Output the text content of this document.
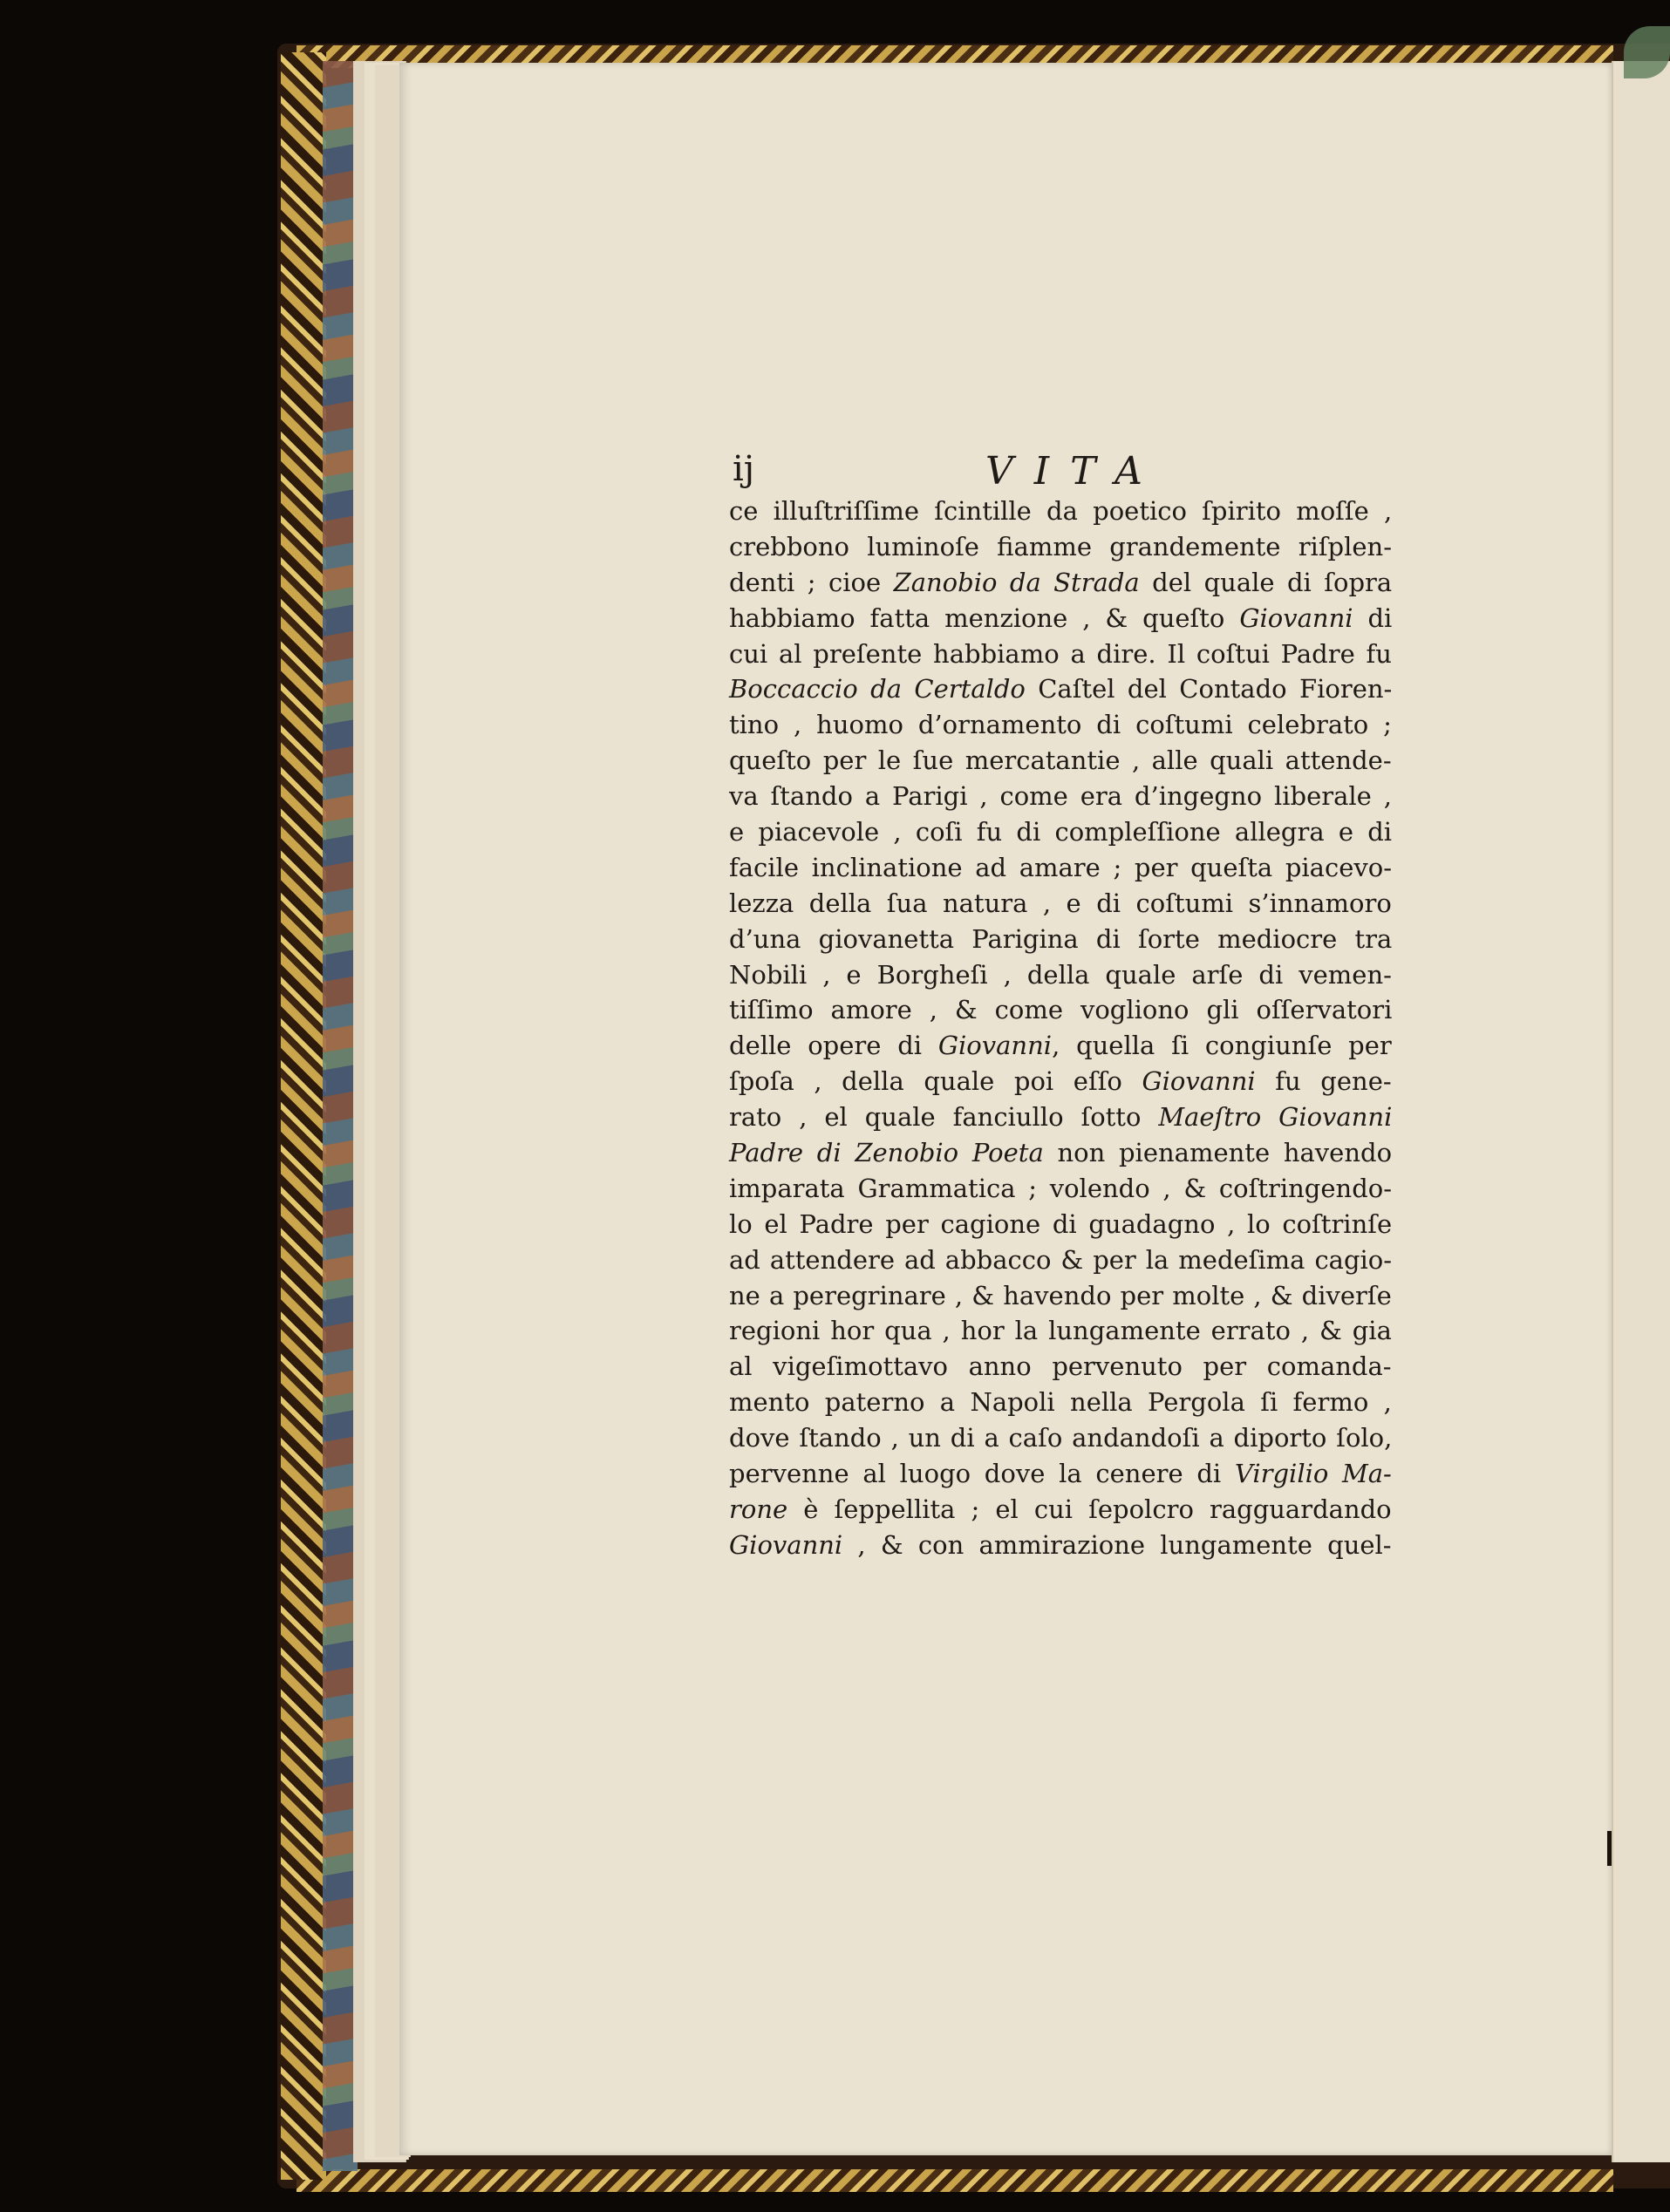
ij	VITA
ce illuſtriſſime ſcintille da poetico ſpirito moſſe ,
crebbono luminoſe fiamme grandemente riſplen-
denti ; cioe Zanobio da Strada del quale di ſopra
habbiamo fatta menzione , & queſto Giovanni di
cui al preſente habbiamo a dire. Il coſtui Padre fu
Boccaccio da Certaldo Caſtel del Contado Fioren-
tino , huomo d’ornamento di coſtumi celebrato ;
queſto per le ſue mercatantie , alle quali attende-
va ſtando a Parigi , come era d’ingegno liberale ,
e piacevole , coſi fu di compleſſione allegra e di
facile inclinatione ad amare ; per queſta piacevo-
lezza della ſua natura , e di coſtumi s’innamoro
d’una giovanetta Parigina di ſorte mediocre tra
Nobili , e Borgheſi , della quale arſe di vemen-
tiſſimo amore , & come vogliono gli oſſervatori
delle opere di Giovanni, quella ſi congiunſe per
ſpoſa , della quale poi eſſo Giovanni fu gene-
rato , el quale fanciullo ſotto Maeſtro Giovanni
Padre di Zenobio Poeta non pienamente havendo
imparata Grammatica ; volendo , & coſtringendo-
lo el Padre per cagione di guadagno , lo coſtrinſe
ad attendere ad abbacco & per la medeſima cagio-
ne a peregrinare , & havendo per molte , & diverſe
regioni hor qua , hor la lungamente errato , & gia
al vigeſimottavo anno pervenuto per comanda-
mento paterno a Napoli nella Pergola ſi fermo ,
dove ſtando , un di a caſo andandoſi a diporto ſolo,
pervenne al luogo dove la cenere di Virgilio Ma-
rone è ſeppellita ; el cui ſepolcro ragguardando
Giovanni , & con ammirazione lungamente quel-
